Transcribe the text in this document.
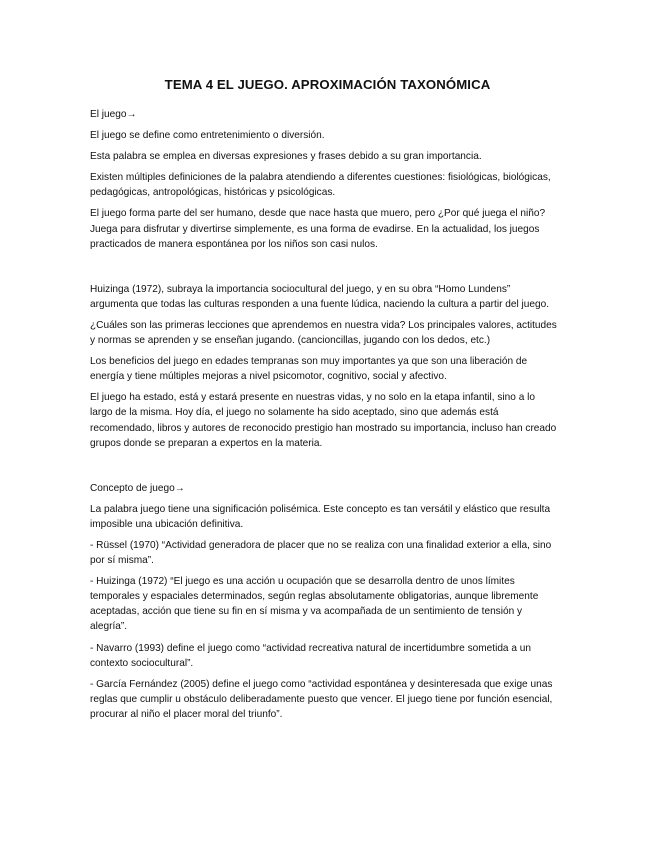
TEMA 4 EL JUEGO. APROXIMACIÓN TAXONÓMICA

El juego→

El juego se define como entretenimiento o diversión.

Esta palabra se emplea en diversas expresiones y frases debido a su gran importancia.

Existen múltiples definiciones de la palabra atendiendo a diferentes cuestiones: fisiológicas, biológicas, pedagógicas, antropológicas, históricas y psicológicas.

El juego forma parte del ser humano, desde que nace hasta que muero, pero ¿Por qué juega el niño? Juega para disfrutar y divertirse simplemente, es una forma de evadirse. En la actualidad, los juegos practicados de manera espontánea por los niños son casi nulos.

Huizinga (1972), subraya la importancia sociocultural del juego, y en su obra “Homo Lundens” argumenta que todas las culturas responden a una fuente lúdica, naciendo la cultura a partir del juego.

¿Cuáles son las primeras lecciones que aprendemos en nuestra vida? Los principales valores, actitudes y normas se aprenden y se enseñan jugando. (cancioncillas, jugando con los dedos, etc.)

Los beneficios del juego en edades tempranas son muy importantes ya que son una liberación de energía y tiene múltiples mejoras a nivel psicomotor, cognitivo, social y afectivo.

El juego ha estado, está y estará presente en nuestras vidas, y no solo en la etapa infantil, sino a lo largo de la misma. Hoy día, el juego no solamente ha sido aceptado, sino que además está recomendado, libros y autores de reconocido prestigio han mostrado su importancia, incluso han creado grupos donde se preparan a expertos en la materia.

Concepto de juego→

La palabra juego tiene una significación polisémica. Este concepto es tan versátil y elástico que resulta imposible una ubicación definitiva.

- Rüssel (1970) “Actividad generadora de placer que no se realiza con una finalidad exterior a ella, sino por sí misma”.

- Huizinga (1972) “El juego es una acción u ocupación que se desarrolla dentro de unos límites temporales y espaciales determinados, según reglas absolutamente obligatorias, aunque libremente aceptadas, acción que tiene su fin en sí misma y va acompañada de un sentimiento de tensión y alegría”.

- Navarro (1993) define el juego como “actividad recreativa natural de incertidumbre sometida a un contexto sociocultural”.

- García Fernández (2005) define el juego como “actividad espontánea y desinteresada que exige unas reglas que cumplir u obstáculo deliberadamente puesto que vencer. El juego tiene por función esencial, procurar al niño el placer moral del triunfo”.
